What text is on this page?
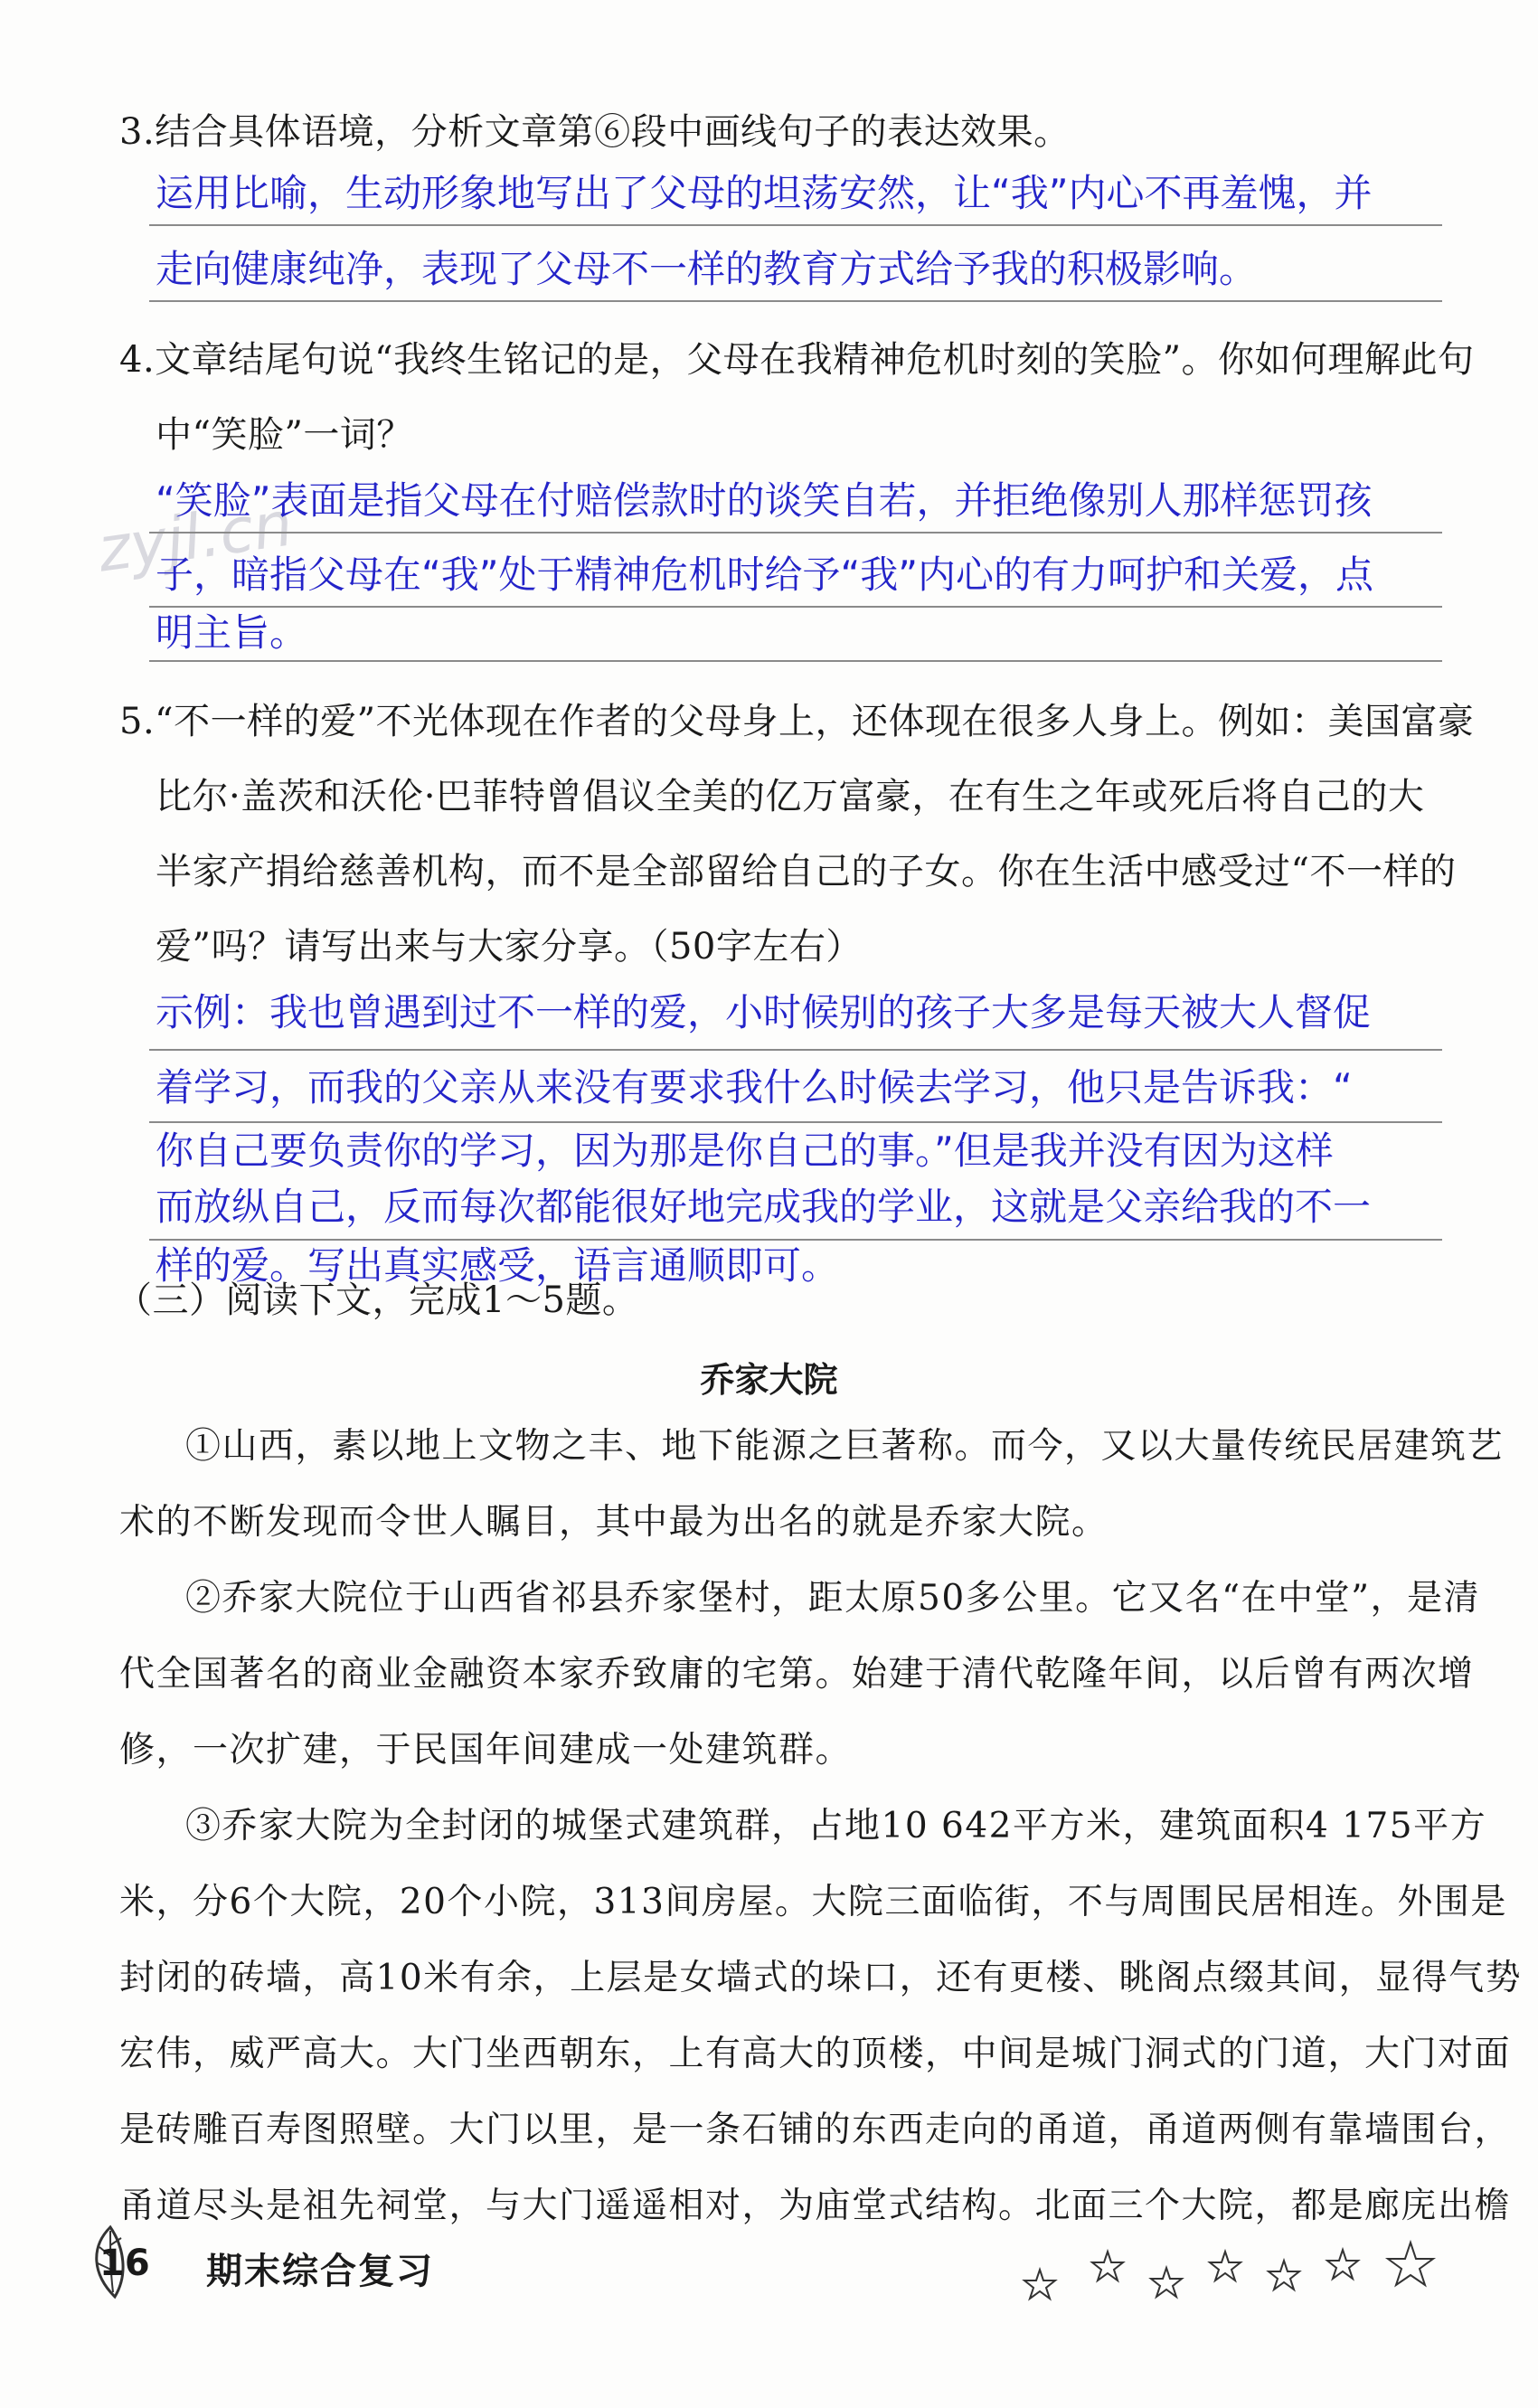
zyjl.cn
3.结合具体语境，分析文章第⑥段中画线句子的表达效果。
运用比喻，生动形象地写出了父母的坦荡安然，让“我”内心不再羞愧，并
走向健康纯净，表现了父母不一样的教育方式给予我的积极影响。
4.文章结尾句说“我终生铭记的是，父母在我精神危机时刻的笑脸”。你如何理解此句
中“笑脸”一词？
“笑脸”表面是指父母在付赔偿款时的谈笑自若，并拒绝像别人那样惩罚孩
子，暗指父母在“我”处于精神危机时给予“我”内心的有力呵护和关爱，点
明主旨。
5.“不一样的爱”不光体现在作者的父母身上，还体现在很多人身上。例如：美国富豪
比尔·盖茨和沃伦·巴菲特曾倡议全美的亿万富豪，在有生之年或死后将自己的大
半家产捐给慈善机构，而不是全部留给自己的子女。你在生活中感受过“不一样的
爱”吗？请写出来与大家分享。（50字左右）
示例：我也曾遇到过不一样的爱，小时候别的孩子大多是每天被大人督促
着学习，而我的父亲从来没有要求我什么时候去学习，他只是告诉我：“
你自己要负责你的学习，因为那是你自己的事。”但是我并没有因为这样
而放纵自己，反而每次都能很好地完成我的学业，这就是父亲给我的不一
样的爱。写出真实感受，语言通顺即可。
（三）阅读下文，完成1～5题。
乔家大院
①山西，素以地上文物之丰、地下能源之巨著称。而今，又以大量传统民居建筑艺
术的不断发现而令世人瞩目，其中最为出名的就是乔家大院。
②乔家大院位于山西省祁县乔家堡村，距太原50多公里。它又名“在中堂”，是清
代全国著名的商业金融资本家乔致庸的宅第。始建于清代乾隆年间，以后曾有两次增
修，一次扩建，于民国年间建成一处建筑群。
③乔家大院为全封闭的城堡式建筑群，占地10 642平方米，建筑面积4 175平方
米，分6个大院，20个小院，313间房屋。大院三面临街，不与周围民居相连。外围是
封闭的砖墙，高10米有余，上层是女墙式的垛口，还有更楼、眺阁点缀其间，显得气势
宏伟，威严高大。大门坐西朝东，上有高大的顶楼，中间是城门洞式的门道，大门对面
是砖雕百寿图照壁。大门以里，是一条石铺的东西走向的甬道，甬道两侧有靠墙围台，
甬道尽头是祖先祠堂，与大门遥遥相对，为庙堂式结构。北面三个大院，都是廊庑出檐
16 期末综合复习
